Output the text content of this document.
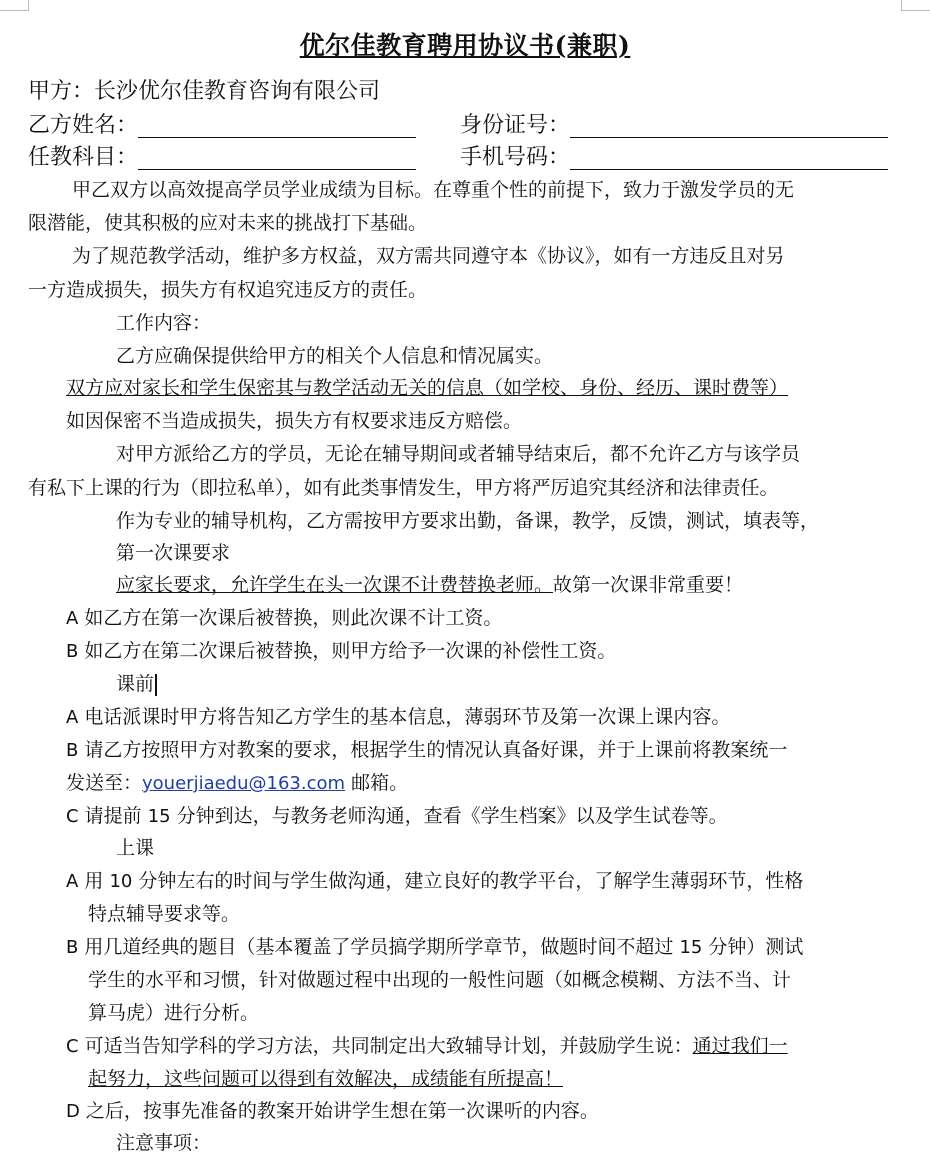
优尔佳教育聘用协议书(兼职)
甲方：长沙优尔佳教育咨询有限公司
乙方姓名：	身份证号：
任教科目：	手机号码：
甲乙双方以高效提高学员学业成绩为目标。在尊重个性的前提下，致力于激发学员的无
限潜能，使其积极的应对未来的挑战打下基础。
为了规范教学活动，维护多方权益，双方需共同遵守本《协议》，如有一方违反且对另
一方造成损失，损失方有权追究违反方的责任。
工作内容：
乙方应确保提供给甲方的相关个人信息和情况属实。
双方应对家长和学生保密其与教学活动无关的信息（如学校、身份、经历、课时费等）
如因保密不当造成损失，损失方有权要求违反方赔偿。
对甲方派给乙方的学员，无论在辅导期间或者辅导结束后，都不允许乙方与该学员
有私下上课的行为（即拉私单），如有此类事情发生，甲方将严厉追究其经济和法律责任。
作为专业的辅导机构，乙方需按甲方要求出勤，备课，教学，反馈，测试，填表等，
第一次课要求
应家长要求，允许学生在头一次课不计费替换老师。故第一次课非常重要！
A 如乙方在第一次课后被替换，则此次课不计工资。
B 如乙方在第二次课后被替换，则甲方给予一次课的补偿性工资。
课前
A 电话派课时甲方将告知乙方学生的基本信息，薄弱环节及第一次课上课内容。
B 请乙方按照甲方对教案的要求，根据学生的情况认真备好课，并于上课前将教案统一
发送至：youerjiaedu@163.com 邮箱。
C 请提前 15 分钟到达，与教务老师沟通，查看《学生档案》以及学生试卷等。
上课
A 用 10 分钟左右的时间与学生做沟通，建立良好的教学平台，了解学生薄弱环节，性格
特点辅导要求等。
B 用几道经典的题目（基本覆盖了学员搞学期所学章节，做题时间不超过 15 分钟）测试
学生的水平和习惯，针对做题过程中出现的一般性问题（如概念模糊、方法不当、计
算马虎）进行分析。
C 可适当告知学科的学习方法，共同制定出大致辅导计划，并鼓励学生说：通过我们一
起努力，这些问题可以得到有效解决，成绩能有所提高！
D 之后，按事先准备的教案开始讲学生想在第一次课听的内容。
注意事项：
